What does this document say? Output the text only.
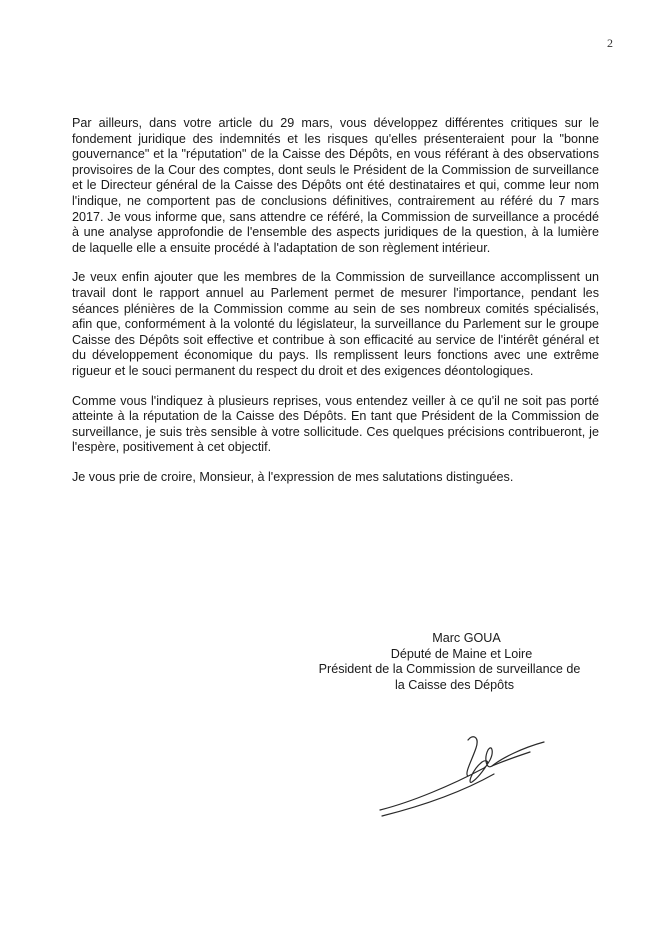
2

Par ailleurs, dans votre article du 29 mars, vous développez différentes critiques sur le fondement juridique des indemnités et les risques qu'elles présenteraient pour la "bonne gouvernance" et la "réputation" de la Caisse des Dépôts, en vous référant à des observations provisoires de la Cour des comptes, dont seuls le Président de la Commission de surveillance et le Directeur général de la Caisse des Dépôts ont été destinataires et qui, comme leur nom l'indique, ne comportent pas de conclusions définitives, contrairement au référé du 7 mars 2017. Je vous informe que, sans attendre ce référé, la Commission de surveillance a procédé à une analyse approfondie de l'ensemble des aspects juridiques de la question, à la lumière de laquelle elle a ensuite procédé à l'adaptation de son règlement intérieur.

Je veux enfin ajouter que les membres de la Commission de surveillance accomplissent un travail dont le rapport annuel au Parlement permet de mesurer l'importance, pendant les séances plénières de la Commission comme au sein de ses nombreux comités spécialisés, afin que, conformément à la volonté du législateur, la surveillance du Parlement sur le groupe Caisse des Dépôts soit effective et contribue à son efficacité au service de l'intérêt général et du développement économique du pays. Ils remplissent leurs fonctions avec une extrême rigueur et le souci permanent du respect du droit et des exigences déontologiques.

Comme vous l'indiquez à plusieurs reprises, vous entendez veiller à ce qu'il ne soit pas porté atteinte à la réputation de la Caisse des Dépôts. En tant que Président de la Commission de surveillance, je suis très sensible à votre sollicitude. Ces quelques précisions contribueront, je l'espère, positivement à cet objectif.

Je vous prie de croire, Monsieur, à l'expression de mes salutations distinguées.

Marc GOUA
Député de Maine et Loire
Président de la Commission de surveillance de
la Caisse des Dépôts
